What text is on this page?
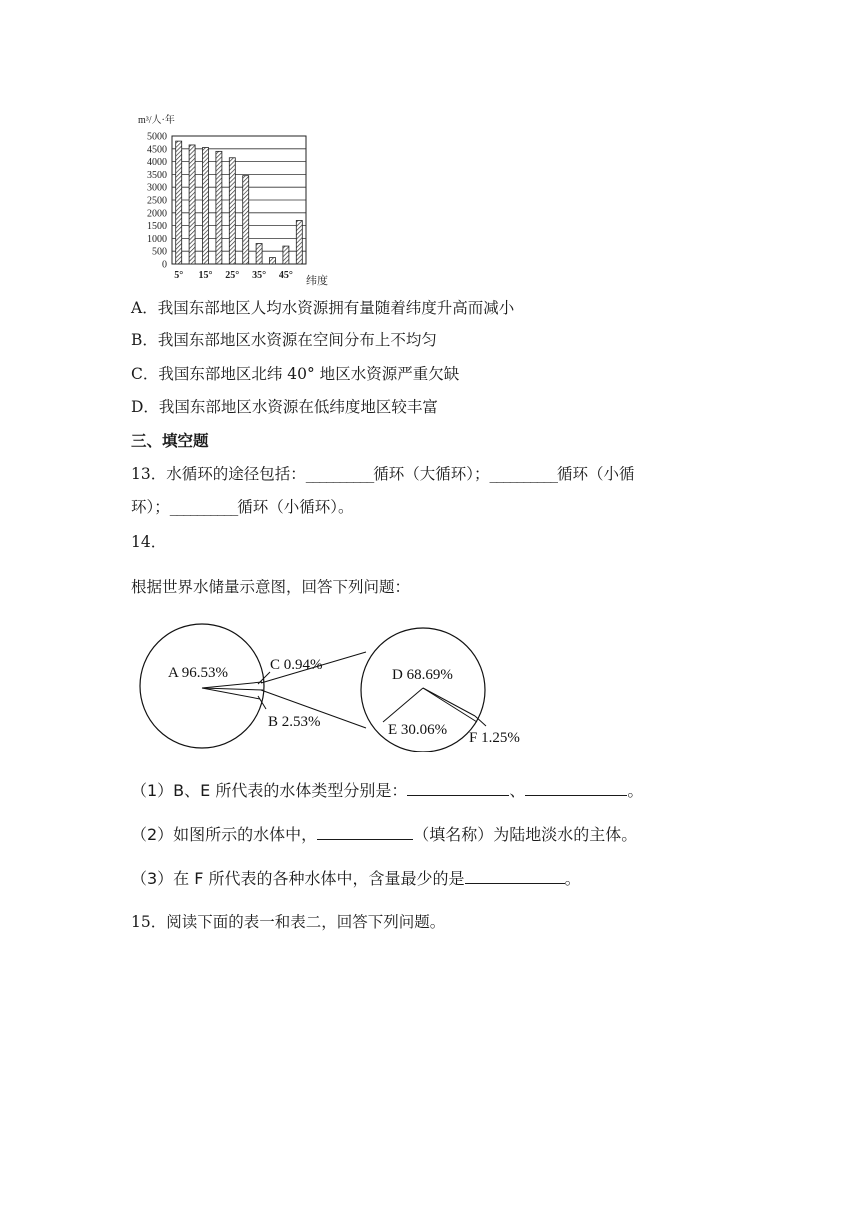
m³/人·年
0
500
1000
1500
2000
2500
3000
3500
4000
4500
5000
5° 15° 25° 35° 45° 纬度
A．我国东部地区人均水资源拥有量随着纬度升高而减小
B．我国东部地区水资源在空间分布上不均匀
C．我国东部地区北纬 40° 地区水资源严重欠缺
D．我国东部地区水资源在低纬度地区较丰富
三、填空题
13．水循环的途径包括：__________循环（大循环）；__________循环（小循
环）；__________循环（小循环）。
14．
根据世界水储量示意图，回答下列问题：
A 96.53%	C 0.94%
B 2.53%
D 68.69%
E 30.06% F 1.25%
（1）B、E 所代表的水体类型分别是：	、	。
（2）如图所示的水体中，	（填名称）为陆地淡水的主体。
（3）在 F 所代表的各种水体中，含量最少的是	。
15．阅读下面的表一和表二，回答下列问题。
